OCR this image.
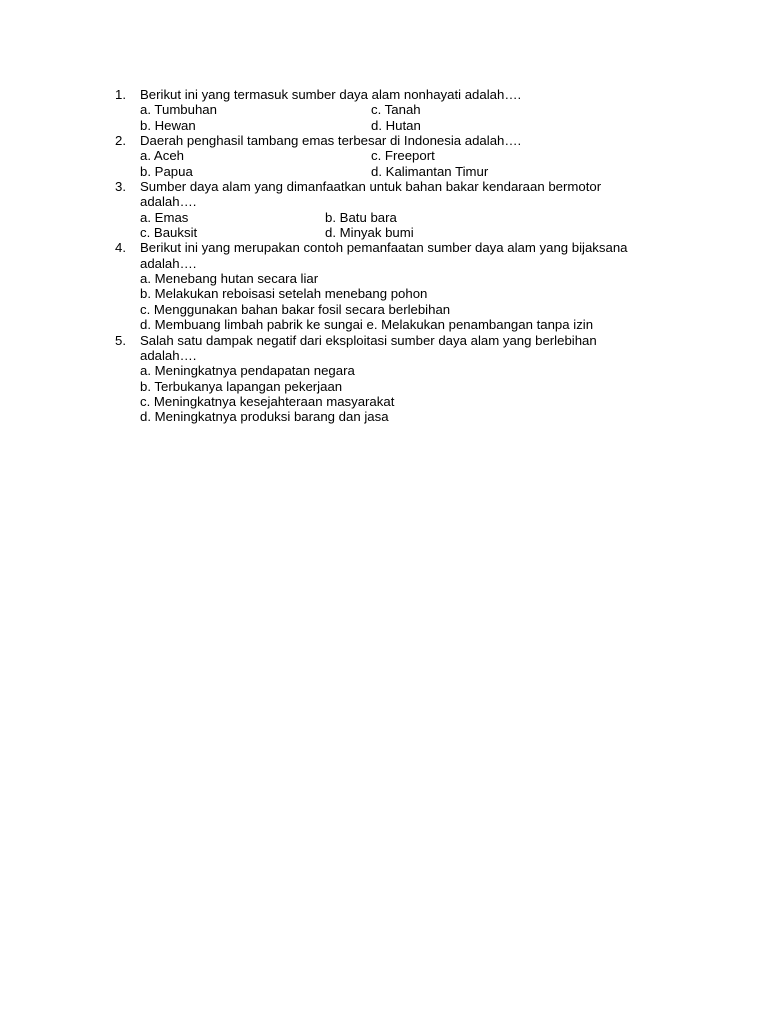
1. Berikut ini yang termasuk sumber daya alam nonhayati adalah….
a. Tumbuhan	c. Tanah
b. Hewan	d. Hutan
2. Daerah penghasil tambang emas terbesar di Indonesia adalah….
a. Aceh	c. Freeport
b. Papua	d. Kalimantan Timur
3. Sumber daya alam yang dimanfaatkan untuk bahan bakar kendaraan bermotor
adalah….
a. Emas	b. Batu bara
c. Bauksit	d. Minyak bumi
4. Berikut ini yang merupakan contoh pemanfaatan sumber daya alam yang bijaksana
adalah….
a. Menebang hutan secara liar
b. Melakukan reboisasi setelah menebang pohon
c. Menggunakan bahan bakar fosil secara berlebihan
d. Membuang limbah pabrik ke sungai e. Melakukan penambangan tanpa izin
5. Salah satu dampak negatif dari eksploitasi sumber daya alam yang berlebihan
adalah….
a. Meningkatnya pendapatan negara
b. Terbukanya lapangan pekerjaan
c. Meningkatnya kesejahteraan masyarakat
d. Meningkatnya produksi barang dan jasa
